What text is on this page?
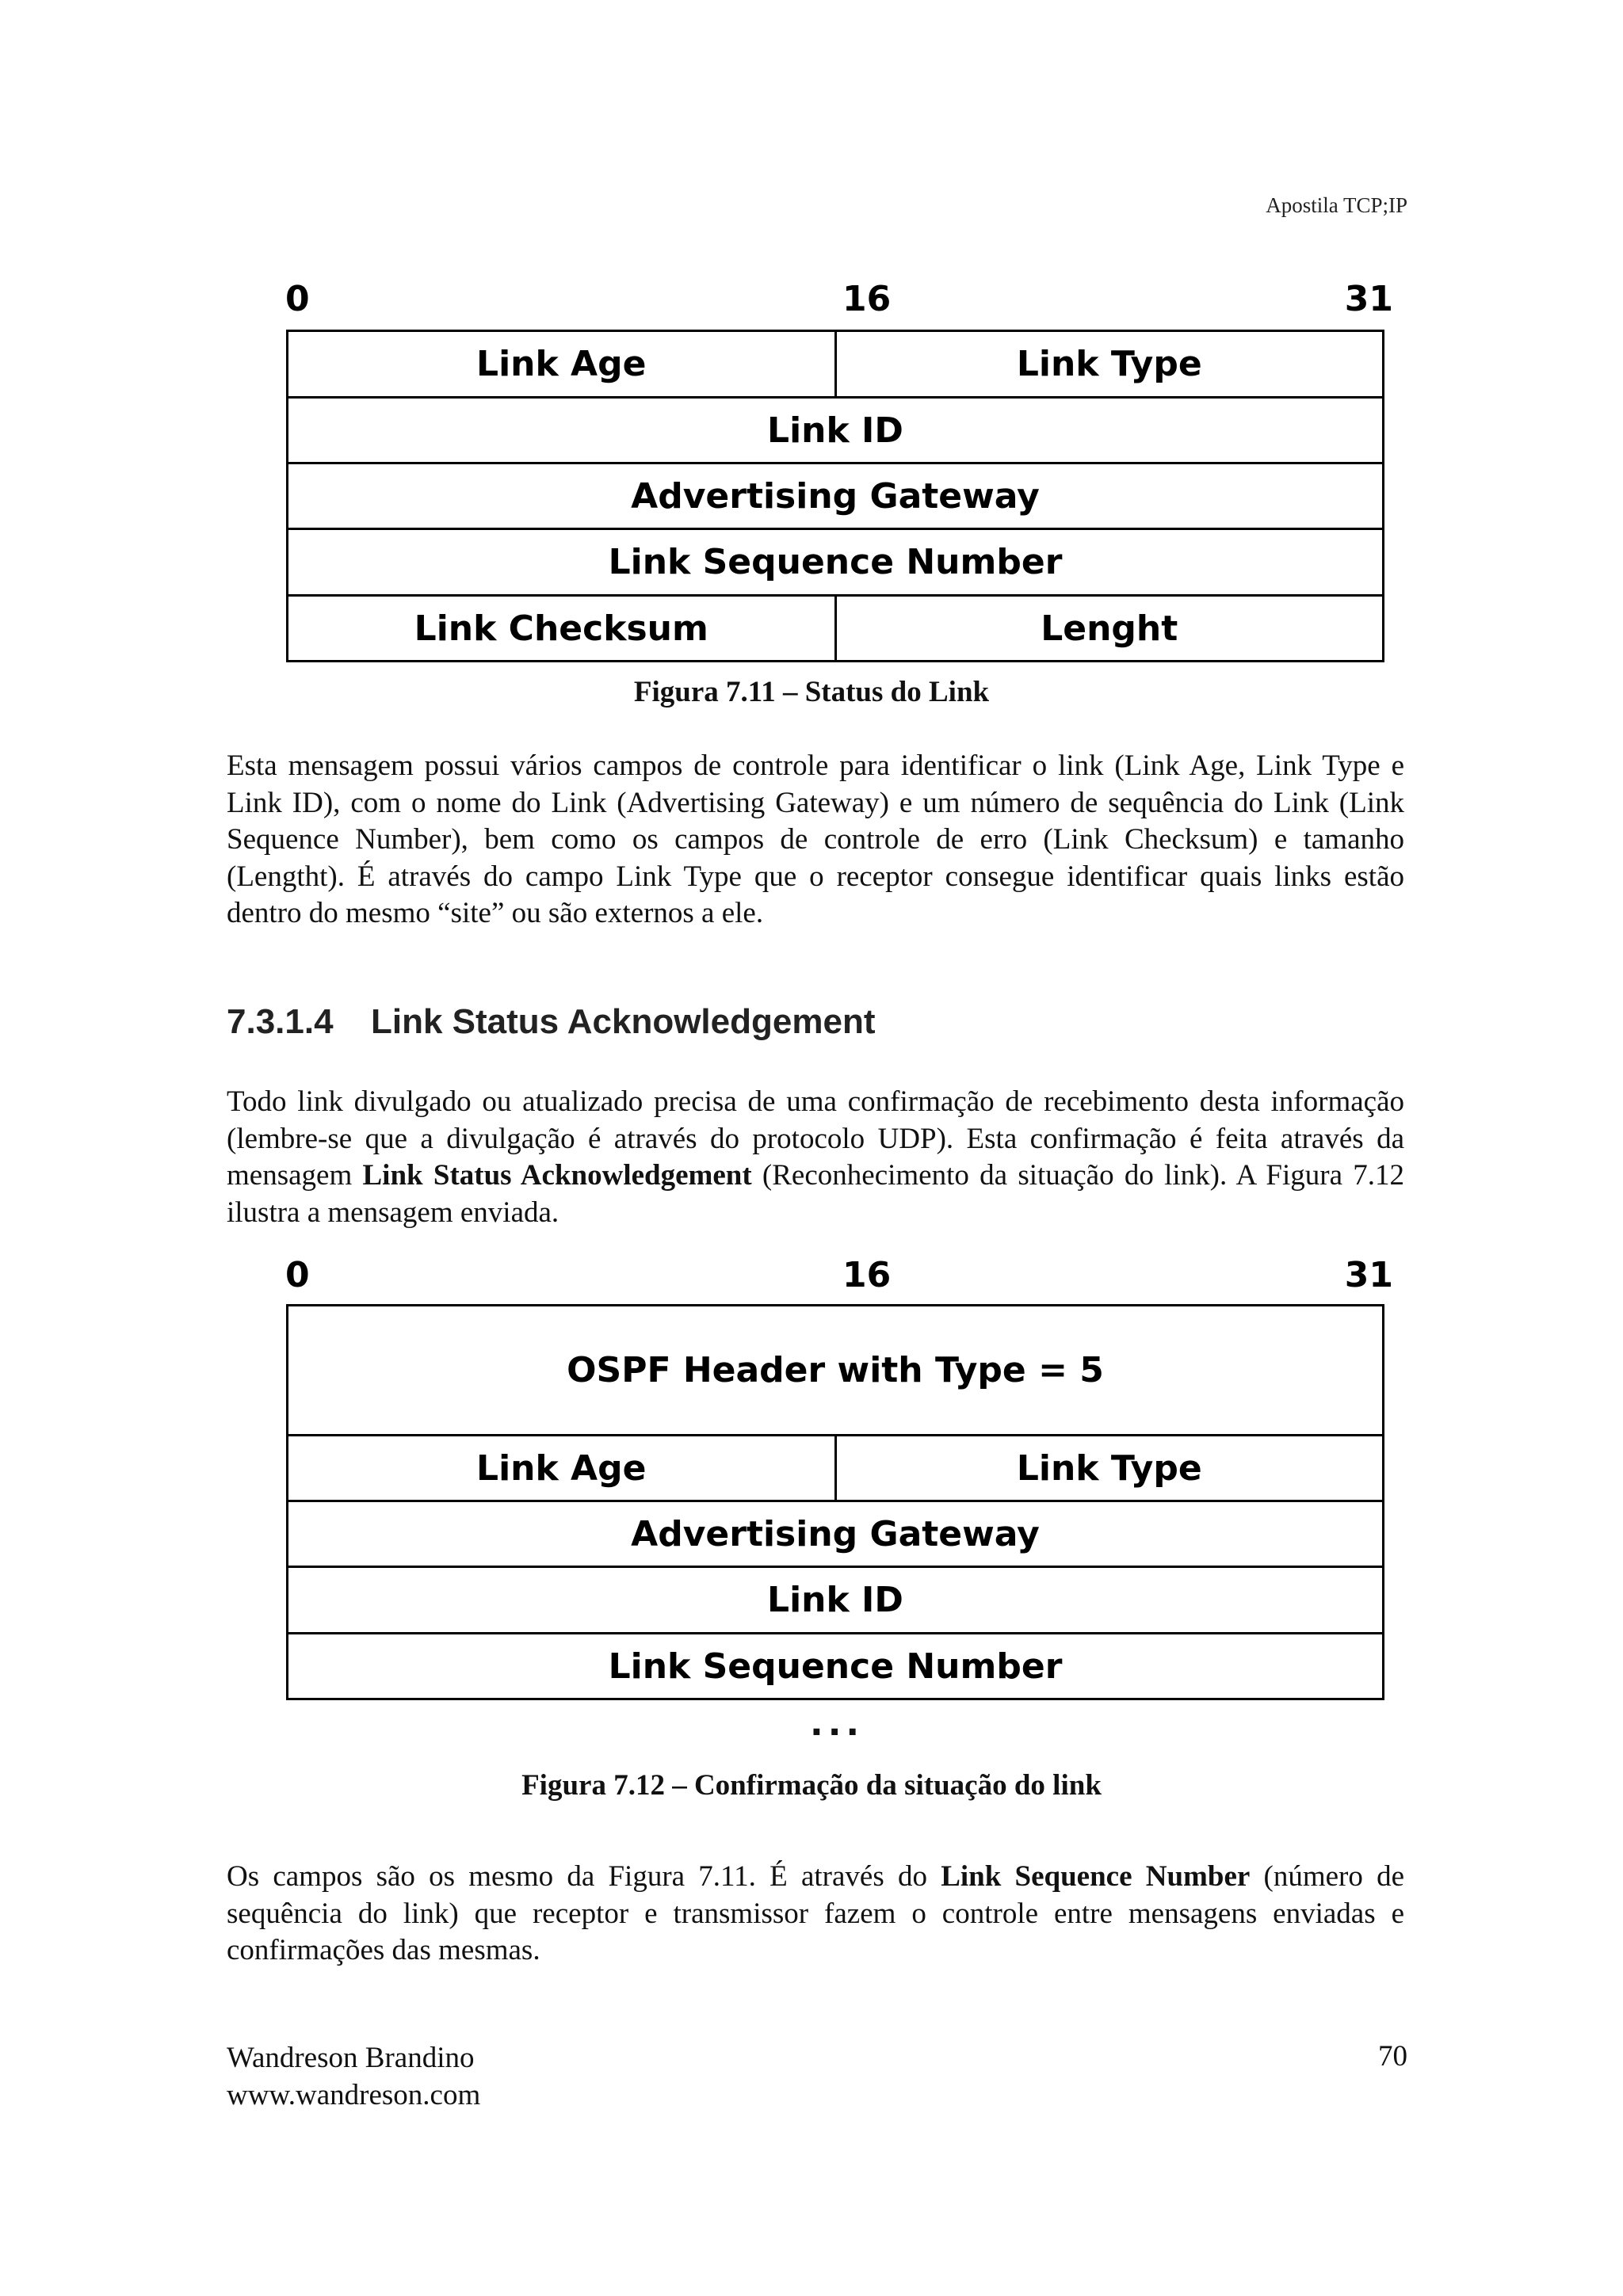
Apostila TCP;IP
0	16	31
Link Age	Link Type
Link ID
Advertising Gateway
Link Sequence Number
Link Checksum	Lenght
Figura 7.11 – Status do Link
Esta mensagem possui vários campos de controle para identificar o link (Link Age, Link Type e Link ID), com o nome do Link (Advertising Gateway) e um número de sequência do Link (Link Sequence Number), bem como os campos de controle de erro (Link Checksum) e tamanho (Lengtht). É através do campo Link Type que o receptor consegue identificar quais links estão dentro do mesmo “site” ou são externos a ele.
7.3.1.4 Link Status Acknowledgement
Todo link divulgado ou atualizado precisa de uma confirmação de recebimento desta informação (lembre-se que a divulgação é através do protocolo UDP). Esta confirmação é feita através da mensagem Link Status Acknowledgement (Reconhecimento da situação do link). A Figura 7.12 ilustra a mensagem enviada.
0	16	31
OSPF Header with Type = 5
Link Age	Link Type
Advertising Gateway
Link ID
Link Sequence Number
...
Figura 7.12 – Confirmação da situação do link
Os campos são os mesmo da Figura 7.11. É através do Link Sequence Number (número de sequência do link) que receptor e transmissor fazem o controle entre mensagens enviadas e confirmações das mesmas.
Wandreson Brandino
www.wandreson.com
70
